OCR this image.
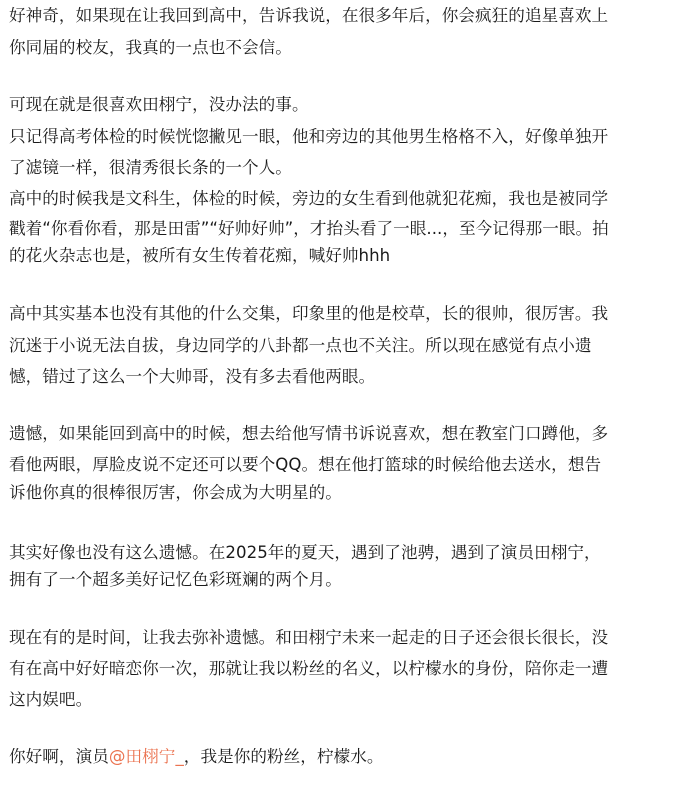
好神奇，如果现在让我回到高中，告诉我说，在很多年后，你会疯狂的追星喜欢上
你同届的校友，我真的一点也不会信。
可现在就是很喜欢田栩宁，没办法的事。
只记得高考体检的时候恍惚撇见一眼，他和旁边的其他男生格格不入，好像单独开
了滤镜一样，很清秀很长条的一个人。
高中的时候我是文科生，体检的时候，旁边的女生看到他就犯花痴，我也是被同学
戳着“你看你看，那是田雷”“好帅好帅”，才抬头看了一眼...，至今记得那一眼。拍
的花火杂志也是，被所有女生传着花痴，喊好帅hhh
高中其实基本也没有其他的什么交集，印象里的他是校草，长的很帅，很厉害。我
沉迷于小说无法自拔，身边同学的八卦都一点也不关注。所以现在感觉有点小遗
憾，错过了这么一个大帅哥，没有多去看他两眼。
遗憾，如果能回到高中的时候，想去给他写情书诉说喜欢，想在教室门口蹲他，多
看他两眼，厚脸皮说不定还可以要个QQ。想在他打篮球的时候给他去送水，想告
诉他你真的很棒很厉害，你会成为大明星的。
其实好像也没有这么遗憾。在2025年的夏天，遇到了池骋，遇到了演员田栩宁，
拥有了一个超多美好记忆色彩斑斓的两个月。
现在有的是时间，让我去弥补遗憾。和田栩宁未来一起走的日子还会很长很长，没
有在高中好好暗恋你一次，那就让我以粉丝的名义，以柠檬水的身份，陪你走一遭
这内娱吧。
你好啊，演员@田栩宁_，我是你的粉丝，柠檬水。
